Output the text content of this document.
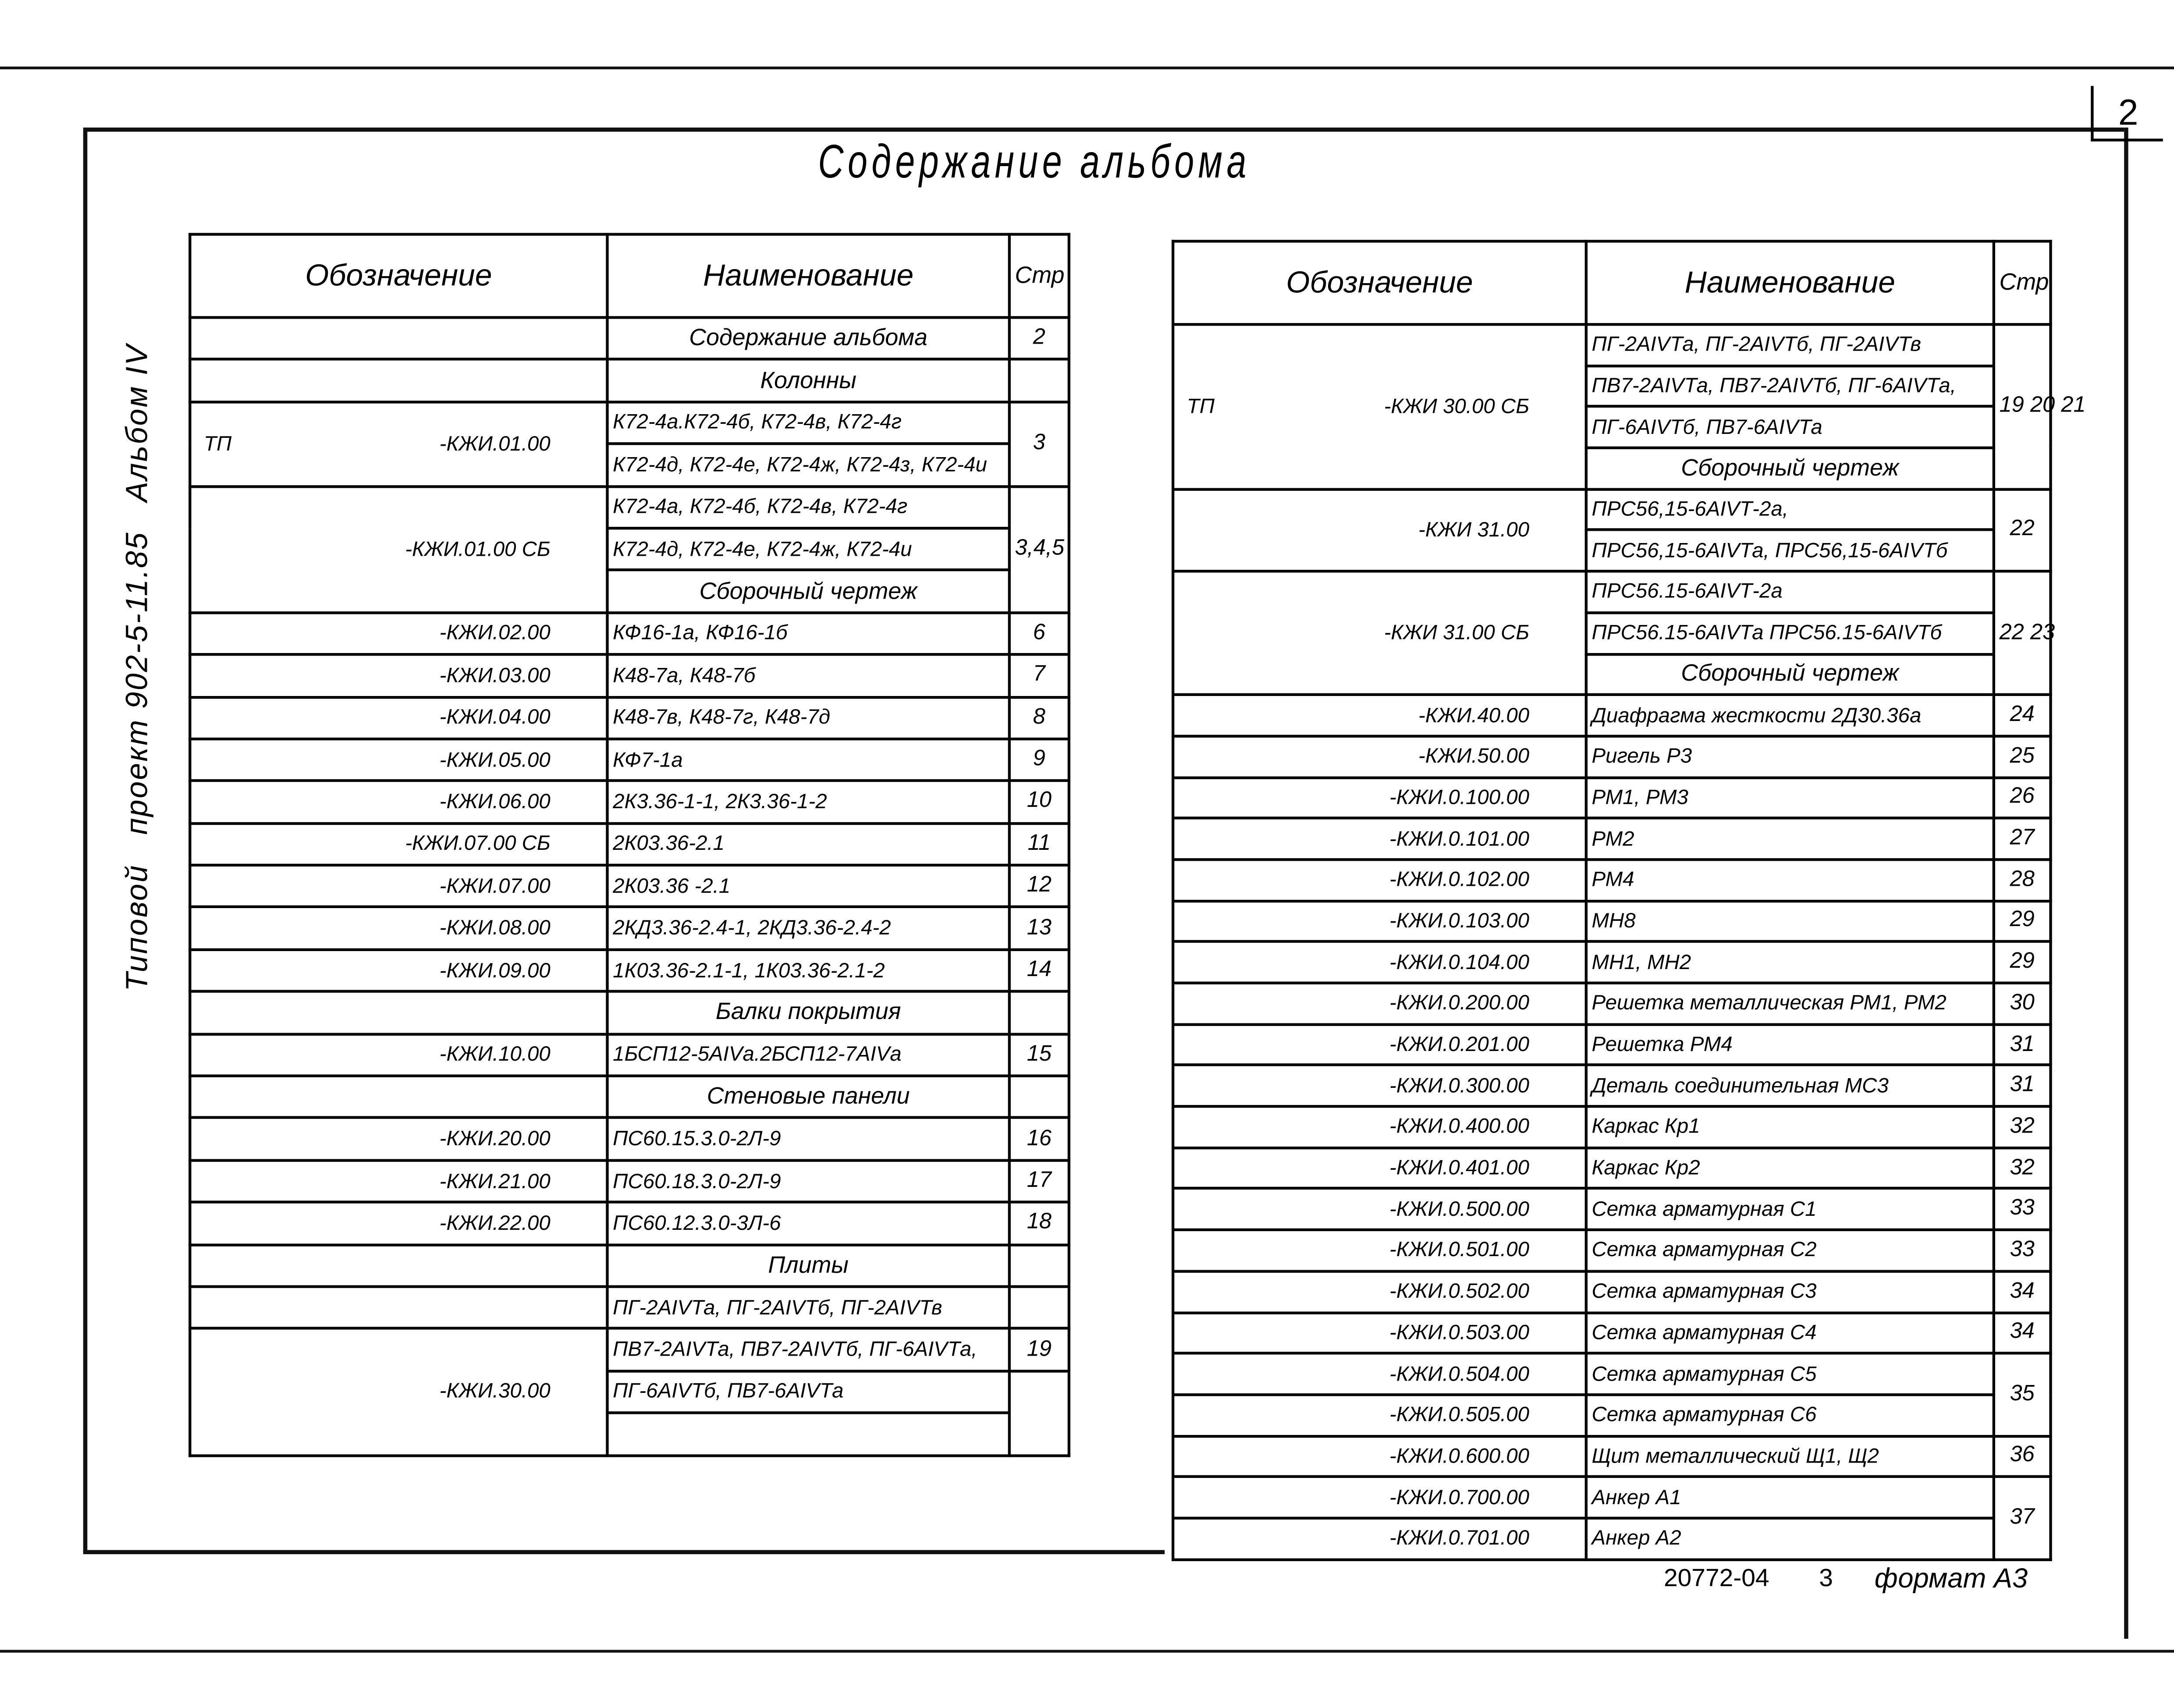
2
Содержание альбома
Типовой проект 902-5-11.85 Альбом IV
Обозначение	Наименование	Стр
	Содержание альбома	2
	Колонны	

ТП -КЖИ.01.00	К72-4а.К72-4б, К72-4в, К72-4г	3
	К72-4д, К72-4е, К72-4ж, К72-4з, К72-4и	
-КЖИ.01.00 СБ	К72-4а, К72-4б, К72-4в, К72-4г	3,4,5
	К72-4д, К72-4е, К72-4ж, К72-4и	
	Сборочный чертеж	
-КЖИ.02.00	КФ16-1а, КФ16-1б	6
-КЖИ.03.00	К48-7а, К48-7б	7
-КЖИ.04.00	К48-7в, К48-7г, К48-7д	8
-КЖИ.05.00	КФ7-1а	9
-КЖИ.06.00	2К3.36-1-1, 2К3.36-1-2	10
-КЖИ.07.00 СБ	2К03.36-2.1	11
-КЖИ.07.00	2К03.36 -2.1	12
-КЖИ.08.00	2КД3.36-2.4-1, 2КД3.36-2.4-2	13
-КЖИ.09.00	1К03.36-2.1-1, 1К03.36-2.1-2	14
	Балки покрытия	
-КЖИ.10.00	1БСП12-5АIVа.2БСП12-7АIVа	15
	Стеновые панели	
-КЖИ.20.00	ПС60.15.3.0-2Л-9	16
-КЖИ.21.00	ПС60.18.3.0-2Л-9	17
-КЖИ.22.00	ПС60.12.3.0-3Л-6	18
	Плиты	
	ПГ-2АIVТа, ПГ-2АIVТб, ПГ-2АIVТв	
-КЖИ.30.00	ПВ7-2АIVТа, ПВ7-2АIVТб, ПГ-6АIVТа,	19
	ПГ-6АIVТб, ПВ7-6АIVТа	

Обозначение	Наименование	Стр

ТП -КЖИ 30.00 СБ	ПГ-2АIVТа, ПГ-2АIVТб, ПГ-2АIVТв	19 20 21
	ПВ7-2АIVТа, ПВ7-2АIVТб, ПГ-6АIVТа,	
	ПГ-6АIVТб, ПВ7-6АIVТа	
	Сборочный чертеж	
-КЖИ 31.00	ПРС56,15-6АIVТ-2а,	22
	ПРС56,15-6АIVТа, ПРС56,15-6АIVТб	
-КЖИ 31.00 СБ	ПРС56.15-6АIVТ-2а	22 23
	ПРС56.15-6АIVТа ПРС56.15-6АIVТб	
	Сборочный чертеж	
-КЖИ.40.00	Диафрагма жесткости 2Д30.36а	24
-КЖИ.50.00	Ригель Р3	25
-КЖИ.0.100.00	РМ1, РМ3	26
-КЖИ.0.101.00	РМ2	27
-КЖИ.0.102.00	РМ4	28
-КЖИ.0.103.00	МН8	29
-КЖИ.0.104.00	МН1, МН2	29
-КЖИ.0.200.00	Решетка металлическая РМ1, РМ2	30
-КЖИ.0.201.00	Решетка РМ4	31
-КЖИ.0.300.00	Деталь соединительная МС3	31
-КЖИ.0.400.00	Каркас Кр1	32
-КЖИ.0.401.00	Каркас Кр2	32
-КЖИ.0.500.00	Сетка арматурная С1	33
-КЖИ.0.501.00	Сетка арматурная С2	33
-КЖИ.0.502.00	Сетка арматурная С3	34
-КЖИ.0.503.00	Сетка арматурная С4	34
-КЖИ.0.504.00	Сетка арматурная С5	35
-КЖИ.0.505.00	Сетка арматурная С6	
-КЖИ.0.600.00	Щит металлический Щ1, Щ2	36
-КЖИ.0.700.00	Анкер А1	37
-КЖИ.0.701.00	Анкер А2	
20772-04	3	формат А3
